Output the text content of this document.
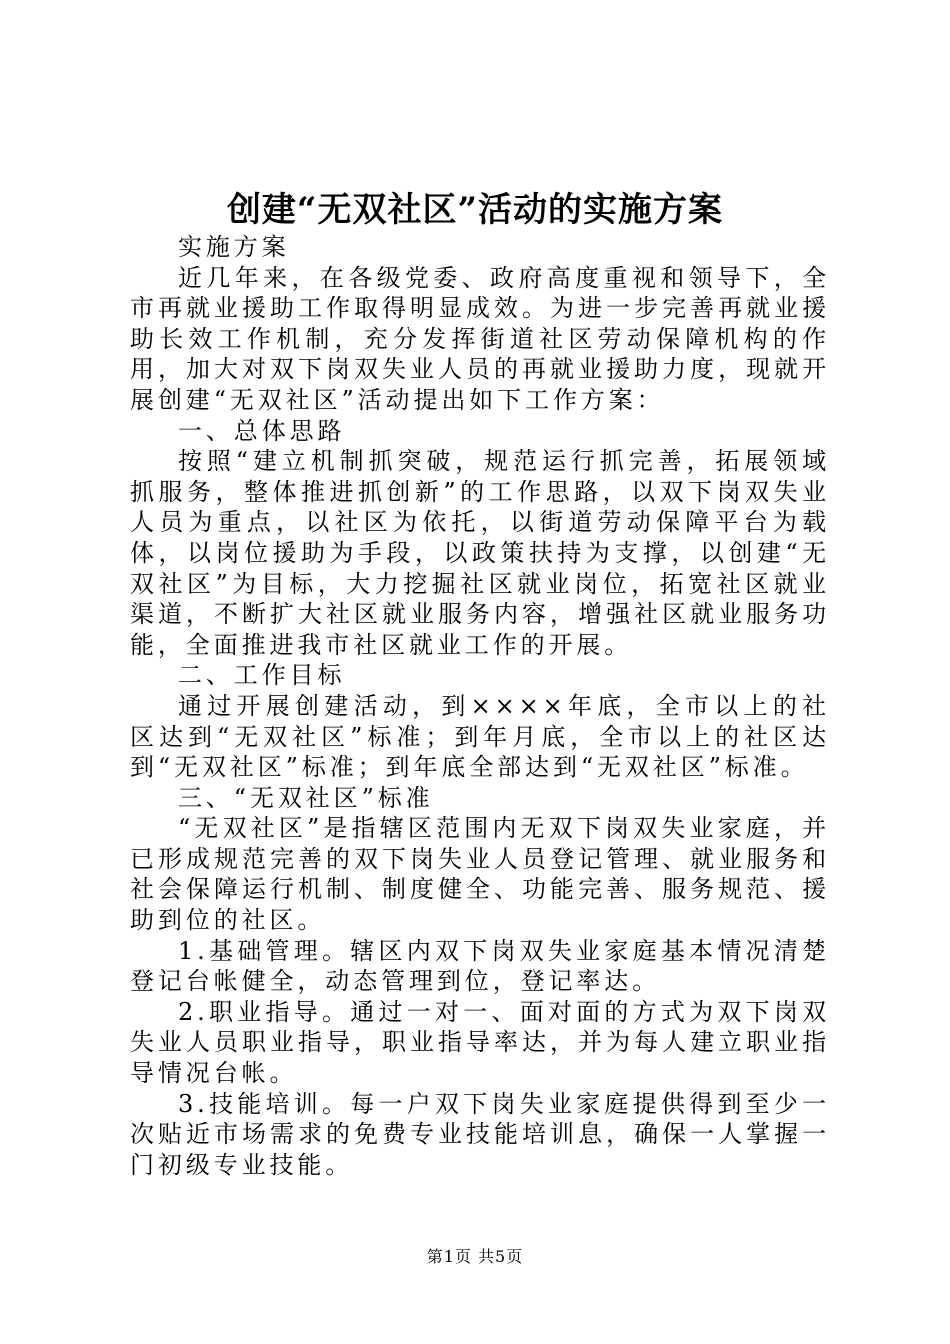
创建“无双社区”活动的实施方案

实施方案

近几年来，在各级党委、政府高度重视和领导下，全市再就业援助工作取得明显成效。为进一步完善再就业援助长效工作机制，充分发挥街道社区劳动保障机构的作用，加大对双下岗双失业人员的再就业援助力度，现就开展创建“无双社区”活动提出如下工作方案：

一、总体思路

按照“建立机制抓突破，规范运行抓完善，拓展领域抓服务，整体推进抓创新”的工作思路，以双下岗双失业人员为重点，以社区为依托，以街道劳动保障平台为载体，以岗位援助为手段，以政策扶持为支撑，以创建“无双社区”为目标，大力挖掘社区就业岗位，拓宽社区就业渠道，不断扩大社区就业服务内容，增强社区就业服务功能，全面推进我市社区就业工作的开展。

二、工作目标

通过开展创建活动，到××××年底，全市以上的社区达到“无双社区”标准；到年月底，全市以上的社区达到“无双社区”标准；到年底全部达到“无双社区”标准。

三、“无双社区”标准

“无双社区”是指辖区范围内无双下岗双失业家庭，并已形成规范完善的双下岗失业人员登记管理、就业服务和社会保障运行机制、制度健全、功能完善、服务规范、援助到位的社区。

1.基础管理。辖区内双下岗双失业家庭基本情况清楚登记台帐健全，动态管理到位，登记率达。

2.职业指导。通过一对一、面对面的方式为双下岗双失业人员职业指导，职业指导率达，并为每人建立职业指导情况台帐。

3.技能培训。每一户双下岗失业家庭提供得到至少一次贴近市场需求的免费专业技能培训息，确保一人掌握一门初级专业技能。

第1页 共5页
